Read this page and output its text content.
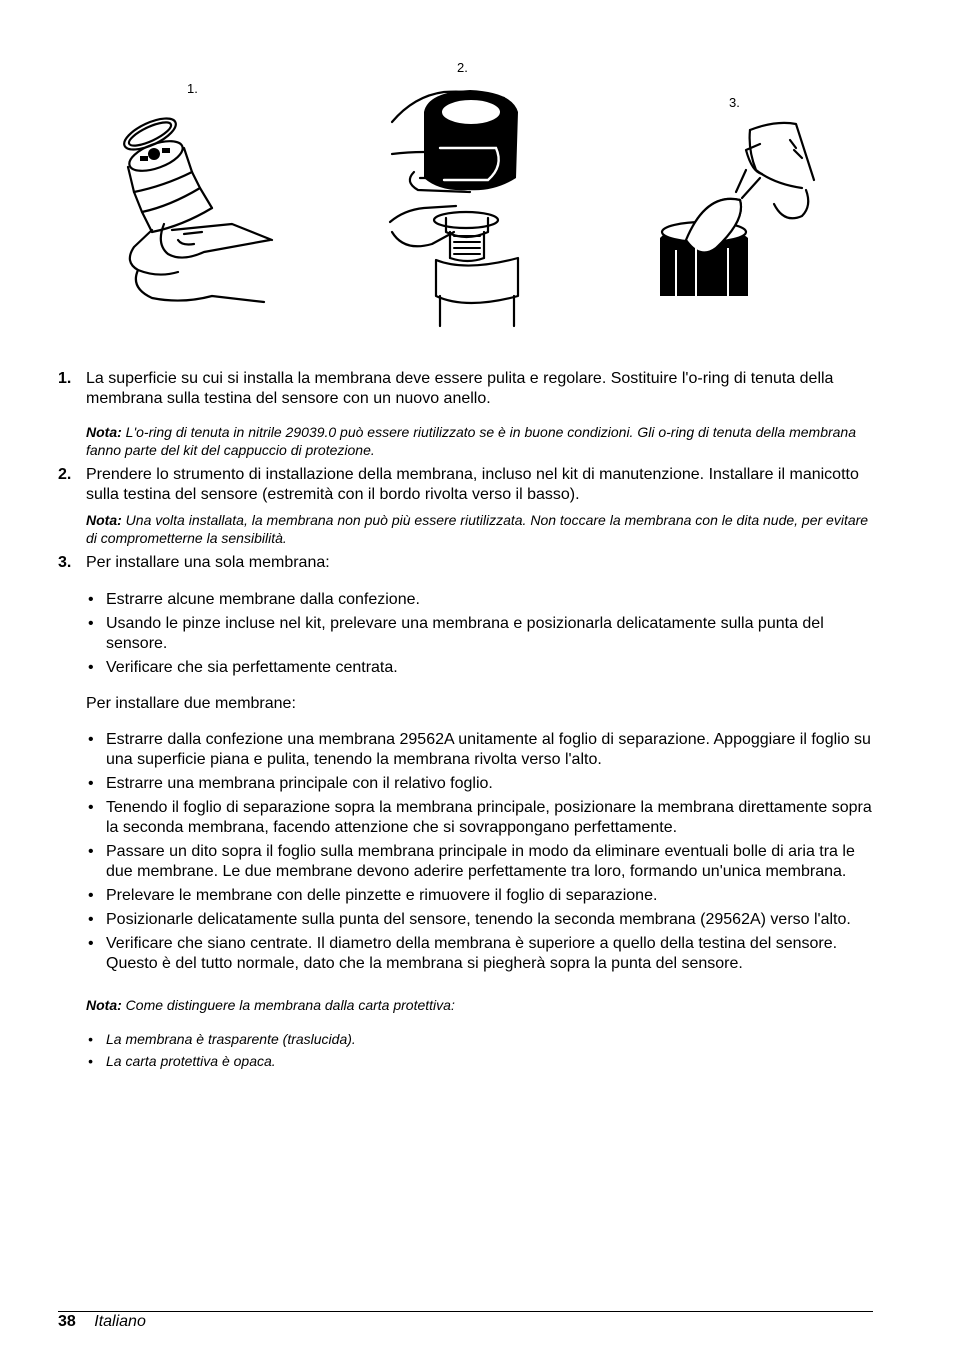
1.
2.
3.
1. La superficie su cui si installa la membrana deve essere pulita e regolare. Sostituire l'o-ring di tenuta della membrana sulla testina del sensore con un nuovo anello.
Nota: L'o-ring di tenuta in nitrile 29039.0 può essere riutilizzato se è in buone condizioni. Gli o-ring di tenuta della membrana fanno parte del kit del cappuccio di protezione.
2. Prendere lo strumento di installazione della membrana, incluso nel kit di manutenzione. Installare il manicotto sulla testina del sensore (estremità con il bordo rivolta verso il basso).
Nota: Una volta installata, la membrana non può più essere riutilizzata. Non toccare la membrana con le dita nude, per evitare di comprometterne la sensibilità.
3. Per installare una sola membrana:
• Estrarre alcune membrane dalla confezione.
• Usando le pinze incluse nel kit, prelevare una membrana e posizionarla delicatamente sulla punta del sensore.
• Verificare che sia perfettamente centrata.
Per installare due membrane:
• Estrarre dalla confezione una membrana 29562A unitamente al foglio di separazione. Appoggiare il foglio su una superficie piana e pulita, tenendo la membrana rivolta verso l'alto.
• Estrarre una membrana principale con il relativo foglio.
• Tenendo il foglio di separazione sopra la membrana principale, posizionare la membrana direttamente sopra la seconda membrana, facendo attenzione che si sovrappongano perfettamente.
• Passare un dito sopra il foglio sulla membrana principale in modo da eliminare eventuali bolle di aria tra le due membrane. Le due membrane devono aderire perfettamente tra loro, formando un'unica membrana.
• Prelevare le membrane con delle pinzette e rimuovere il foglio di separazione.
• Posizionarle delicatamente sulla punta del sensore, tenendo la seconda membrana (29562A) verso l'alto.
• Verificare che siano centrate. Il diametro della membrana è superiore a quello della testina del sensore. Questo è del tutto normale, dato che la membrana si piegherà sopra la punta del sensore.
Nota: Come distinguere la membrana dalla carta protettiva:
• La membrana è trasparente (traslucida).
• La carta protettiva è opaca.
38 Italiano
